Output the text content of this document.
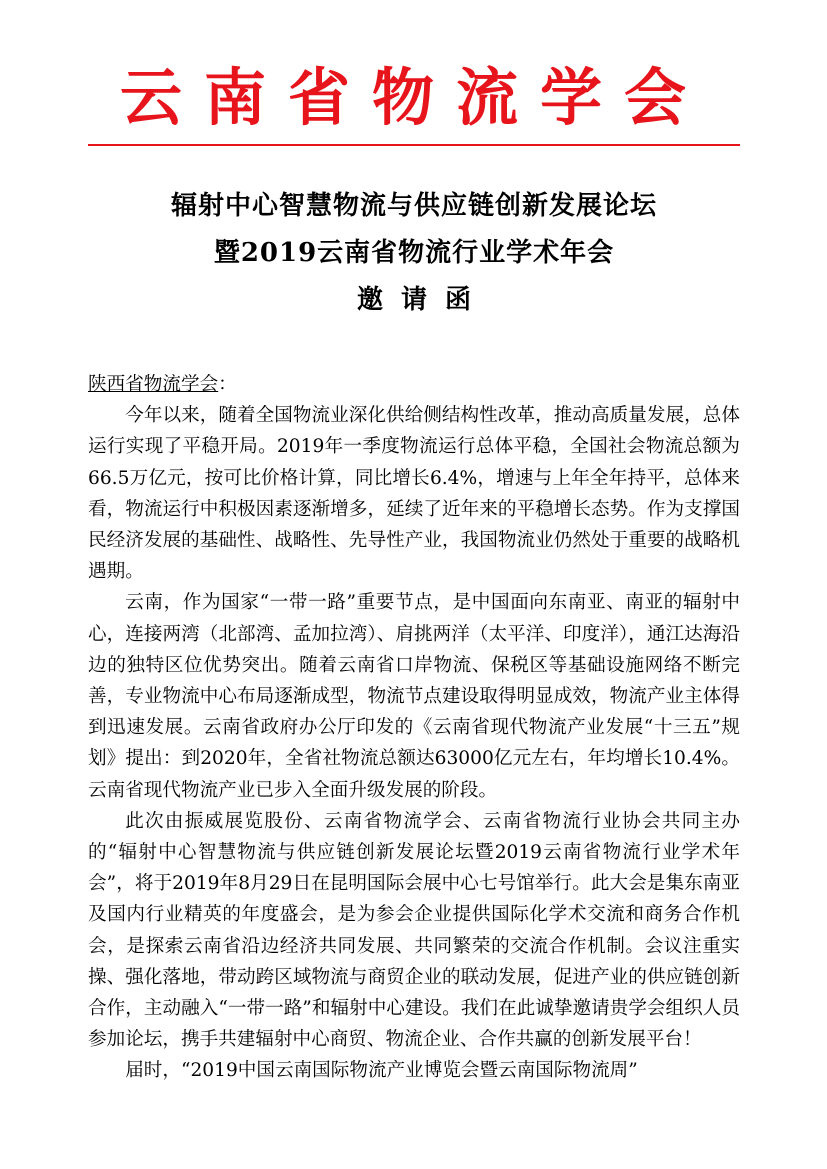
云南省物流学会
辐射中心智慧物流与供应链创新发展论坛
暨2019云南省物流行业学术年会
邀请函
陕西省物流学会：

今年以来，随着全国物流业深化供给侧结构性改革，推动高质量发展，总体运行实现了平稳开局。2019年一季度物流运行总体平稳，全国社会物流总额为66.5万亿元，按可比价格计算，同比增长6.4%，增速与上年全年持平，总体来看，物流运行中积极因素逐渐增多，延续了近年来的平稳增长态势。作为支撑国民经济发展的基础性、战略性、先导性产业，我国物流业仍然处于重要的战略机遇期。

云南，作为国家“一带一路”重要节点，是中国面向东南亚、南亚的辐射中心，连接两湾（北部湾、孟加拉湾）、肩挑两洋（太平洋、印度洋），通江达海沿边的独特区位优势突出。随着云南省口岸物流、保税区等基础设施网络不断完善，专业物流中心布局逐渐成型，物流节点建设取得明显成效，物流产业主体得到迅速发展。云南省政府办公厅印发的《云南省现代物流产业发展“十三五”规划》提出：到2020年，全省社物流总额达63000亿元左右，年均增长10.4%。云南省现代物流产业已步入全面升级发展的阶段。

此次由振威展览股份、云南省物流学会、云南省物流行业协会共同主办的“辐射中心智慧物流与供应链创新发展论坛暨2019云南省物流行业学术年会”，将于2019年8月29日在昆明国际会展中心七号馆举行。此大会是集东南亚及国内行业精英的年度盛会，是为参会企业提供国际化学术交流和商务合作机会，是探索云南省沿边经济共同发展、共同繁荣的交流合作机制。会议注重实操、强化落地，带动跨区域物流与商贸企业的联动发展，促进产业的供应链创新合作，主动融入“一带一路”和辐射中心建设。我们在此诚挚邀请贵学会组织人员参加论坛，携手共建辐射中心商贸、物流企业、合作共赢的创新发展平台！

届时，“2019中国云南国际物流产业博览会暨云南国际物流周”
